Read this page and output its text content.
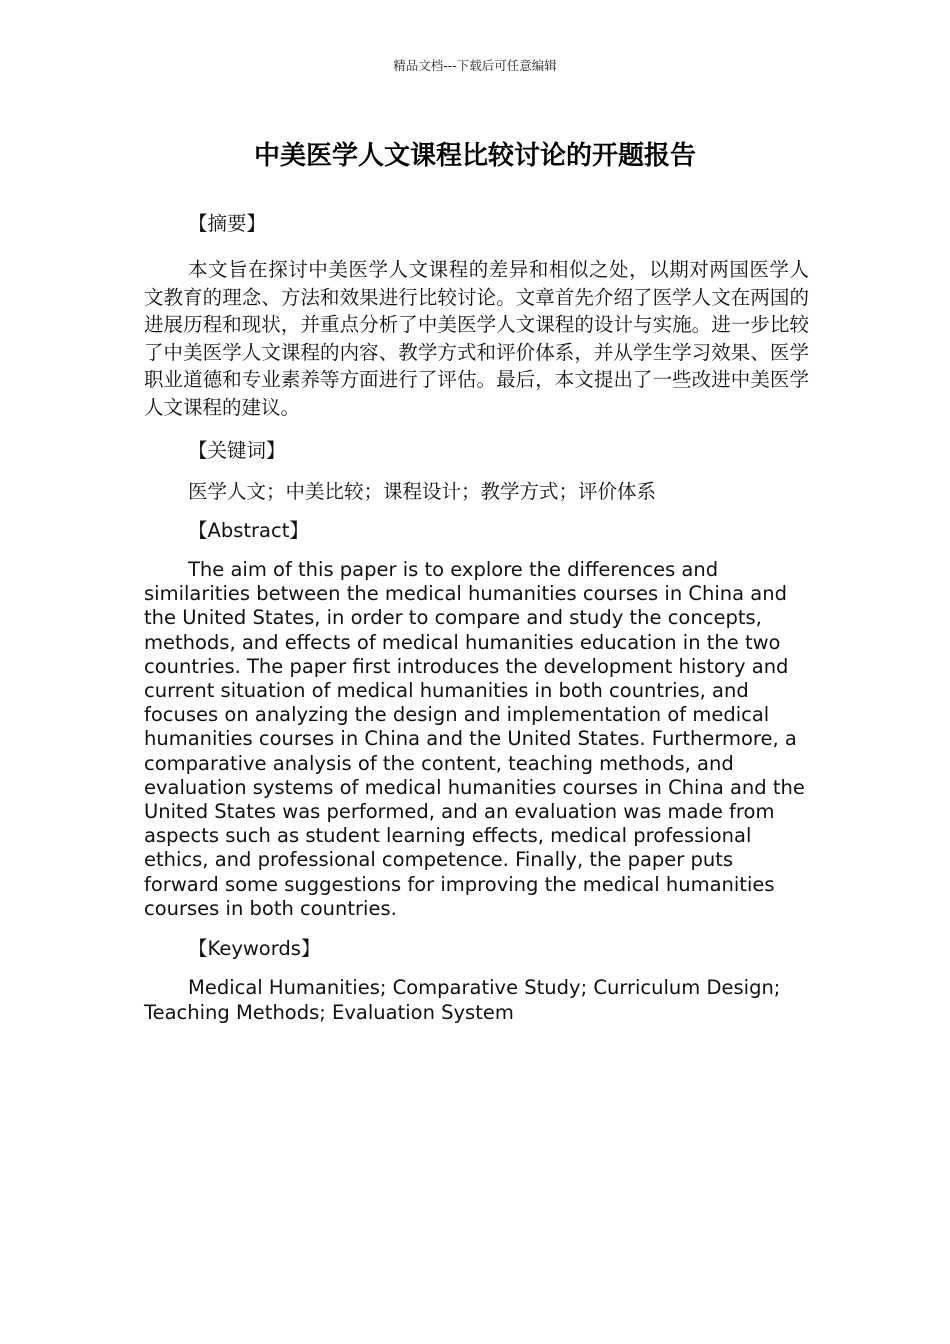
精品文档---下载后可任意编辑
中美医学人文课程比较讨论的开题报告

【摘要】

本文旨在探讨中美医学人文课程的差异和相似之处，以期对两国医学人文教育的理念、方法和效果进行比较讨论。文章首先介绍了医学人文在两国的进展历程和现状，并重点分析了中美医学人文课程的设计与实施。进一步比较了中美医学人文课程的内容、教学方式和评价体系，并从学生学习效果、医学职业道德和专业素养等方面进行了评估。最后，本文提出了一些改进中美医学人文课程的建议。

【关键词】

医学人文；中美比较；课程设计；教学方式；评价体系

【Abstract】

The aim of this paper is to explore the differences and similarities between the medical humanities courses in China and the United States, in order to compare and study the concepts, methods, and effects of medical humanities education in the two countries. The paper first introduces the development history and current situation of medical humanities in both countries, and focuses on analyzing the design and implementation of medical humanities courses in China and the United States. Furthermore, a comparative analysis of the content, teaching methods, and evaluation systems of medical humanities courses in China and the United States was performed, and an evaluation was made from aspects such as student learning effects, medical professional ethics, and professional competence. Finally, the paper puts forward some suggestions for improving the medical humanities courses in both countries.

【Keywords】

Medical Humanities; Comparative Study; Curriculum Design; Teaching Methods; Evaluation System
